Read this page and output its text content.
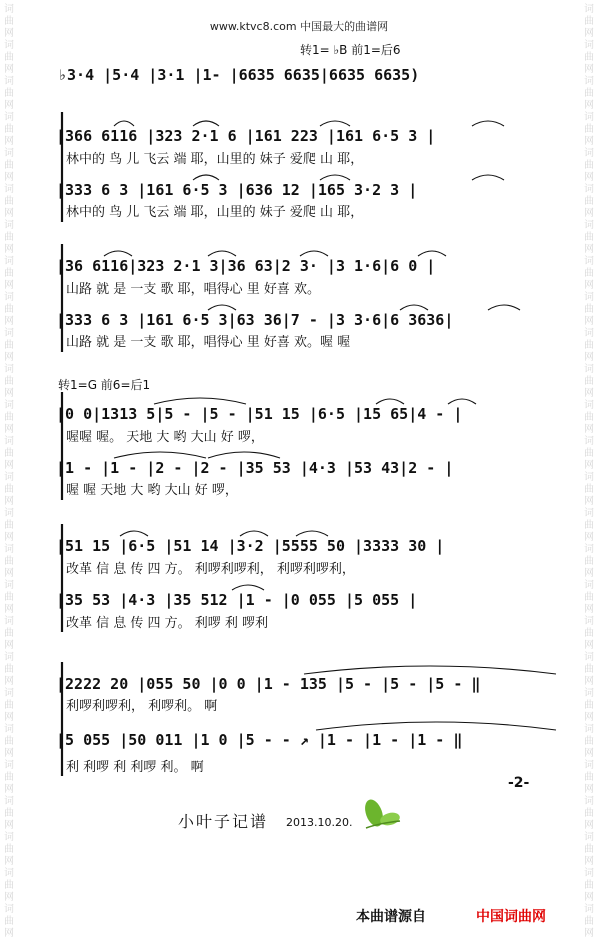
词
曲
网
词
曲
网
词
曲
网
词
曲
网
词
曲
网
词
曲
网
词
曲
网
词
曲
网
词
曲
网
词
曲
网
词
曲
网
词
曲
网
词
曲
网
词
曲
网
词
曲
网
词
曲
网
词
曲
网
词
曲
网
词
曲
网
词
曲
网
词
曲
网
词
曲
网
词
曲
网
词
曲
网
词
曲
网
词
曲
网
词
曲
网
词
曲
网
词
曲
网
词
曲
网
词
曲
网
词
曲
网
词
曲
网
词
曲
网
词
曲
网
词
曲
网
词
曲
网
词
曲
网
词
曲
网
词
曲
网
词
曲
网
词
曲
网
词
曲
网
词
曲
网
词
曲
网
词
曲
网
词
曲
网
词
曲
网
词
曲
网
词
曲
网
词
曲
网
词
曲
网
www.ktvc8.com 中国最大的曲谱网
转1= ♭B 前1=后6
♭3·4 |5·4 |3·1 |1- |6635 6635|6635 6635)
|366 6116 |323 2·1 6 |161 223 |161 6·5 3 |
林中的 鸟 儿 飞云 端 耶，山里的 妹子 爱爬 山 耶，
|333 6 3 |161 6·5 3 |636 12 |165 3·2 3 |
林中的 鸟 儿 飞云 端 耶，山里的 妹子 爱爬 山 耶，
|36 6116|323 2·1 3|36 63|2 3· |3 1·6|6 0 |
山路 就 是 一支 歌 耶，唱得心 里 好喜 欢。
|333 6 3 |161 6·5 3|63 36|7 - |3 3·6|6 3636|
山路 就 是 一支 歌 耶，唱得心 里 好喜 欢。喔 喔
转1=G 前6=后1
|0 0|1313 5|5 - |5 - |51 15 |6·5 |15 65|4 - |
喔喔 喔。 天地 大 哟 大山 好 啰，
|1 - |1 - |2 - |2 - |35 53 |4·3 |53 43|2 - |
喔 喔 天地 大 哟 大山 好 啰，
|51 15 |6·5 |51 14 |3·2 |5555 50 |3333 30 |
改革 信 息 传 四 方。 利啰利啰利， 利啰利啰利，
|35 53 |4·3 |35 512 |1 - |0 055 |5 055 |
改革 信 息 传 四 方。 利啰 利 啰利
|2222 20 |055 50 |0 0 |1 - 135 |5 - |5 - |5 - ‖
利啰利啰利， 利啰利。 啊
|5 055 |50 011 |1 0 |5 - - ↗ |1 - |1 - |1 - ‖
利 利啰 利 利啰 利。 啊
-2-
小叶子记谱 2013.10.20.
本曲谱源自	中国词曲网
